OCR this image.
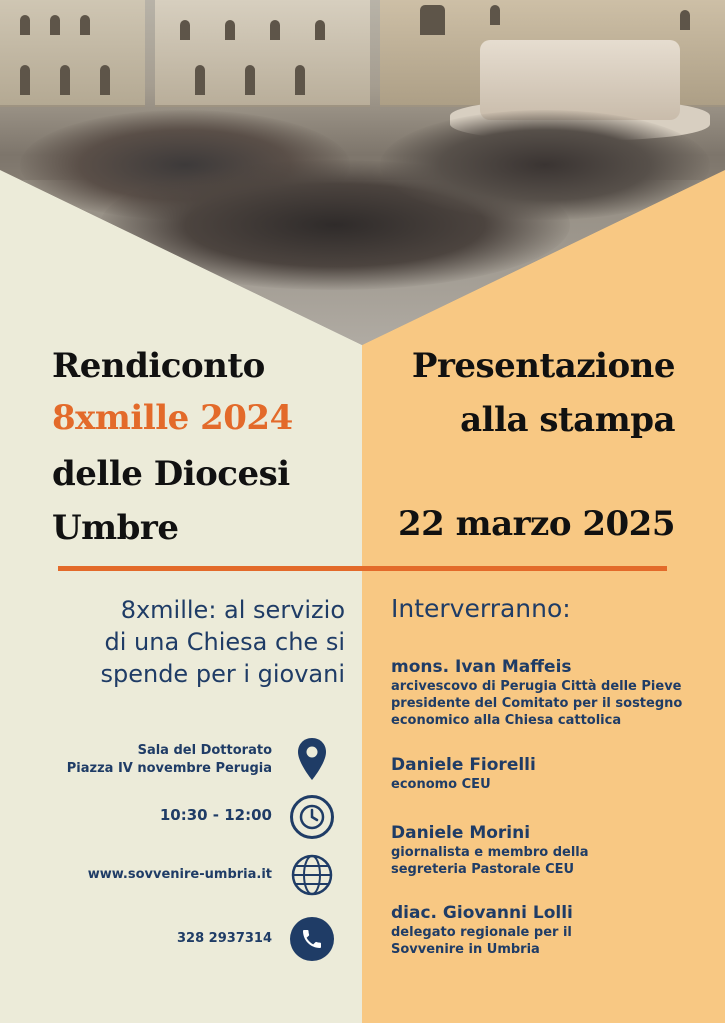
Rendiconto
8xmille 2024
delle Diocesi
Umbre
Presentazione
alla stampa
22 marzo 2025
8xmille: al servizio
di una Chiesa che si
spende per i giovani
Sala del Dottorato
Piazza IV novembre Perugia
10:30 - 12:00
www.sovvenire-umbria.it
328 2937314
Interverranno:
mons. Ivan Maffeis
arcivescovo di Perugia Città delle Pieve
presidente del Comitato per il sostegno
economico alla Chiesa cattolica
Daniele Fiorelli
economo CEU
Daniele Morini
giornalista e membro della
segreteria Pastorale CEU
diac. Giovanni Lolli
delegato regionale per il
Sovvenire in Umbria
